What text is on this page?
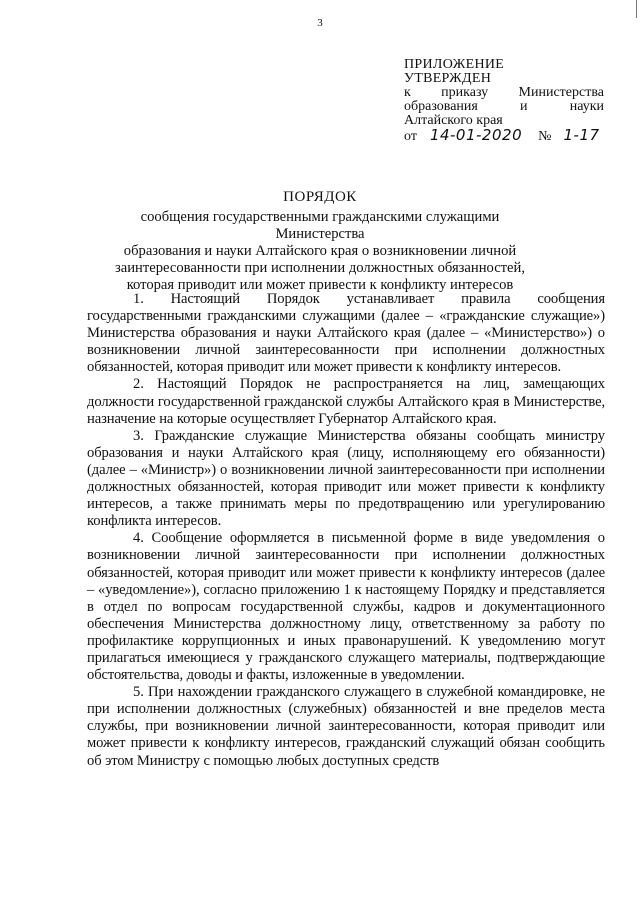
3
ПРИЛОЖЕНИЕ
УТВЕРЖДЕН
к приказу Министерства
образования	и	науки
Алтайского края
от 14-01-2020 № 1-17
ПОРЯДОК
сообщения государственными гражданскими служащими Министерства
образования и науки Алтайского края о возникновении личной
заинтересованности при исполнении должностных обязанностей,
которая приводит или может привести к конфликту интересов

1. Настоящий Порядок устанавливает правила сообщения государственными гражданскими служащими (далее – «гражданские служащие») Министерства образования и науки Алтайского края (далее – «Министерство») о возникновении личной заинтересованности при исполнении должностных обязанностей, которая приводит или может привести к конфликту интересов.

2. Настоящий Порядок не распространяется на лиц, замещающих должности государственной гражданской службы Алтайского края в Министерстве, назначение на которые осуществляет Губернатор Алтайского края.

3. Гражданские служащие Министерства обязаны сообщать министру образования и науки Алтайского края (лицу, исполняющему его обязанности) (далее – «Министр») о возникновении личной заинтересованности при исполнении должностных обязанностей, которая приводит или может привести к конфликту интересов, а также принимать меры по предотвращению или урегулированию конфликта интересов.

4. Сообщение оформляется в письменной форме в виде уведомления о возникновении личной заинтересованности при исполнении должностных обязанностей, которая приводит или может привести к конфликту интересов (далее – «уведомление»), согласно приложению 1 к настоящему Порядку и представляется в отдел по вопросам государственной службы, кадров и документационного обеспечения Министерства должностному лицу, ответственному за работу по профилактике коррупционных и иных правонарушений. К уведомлению могут прилагаться имеющиеся у гражданского служащего материалы, подтверждающие обстоятельства, доводы и факты, изложенные в уведомлении.

5. При нахождении гражданского служащего в служебной командировке, не при исполнении должностных (служебных) обязанностей и вне пределов места службы, при возникновении личной заинтересованности, которая приводит или может привести к конфликту интересов, гражданский служащий обязан сообщить об этом Министру с помощью любых доступных средств
